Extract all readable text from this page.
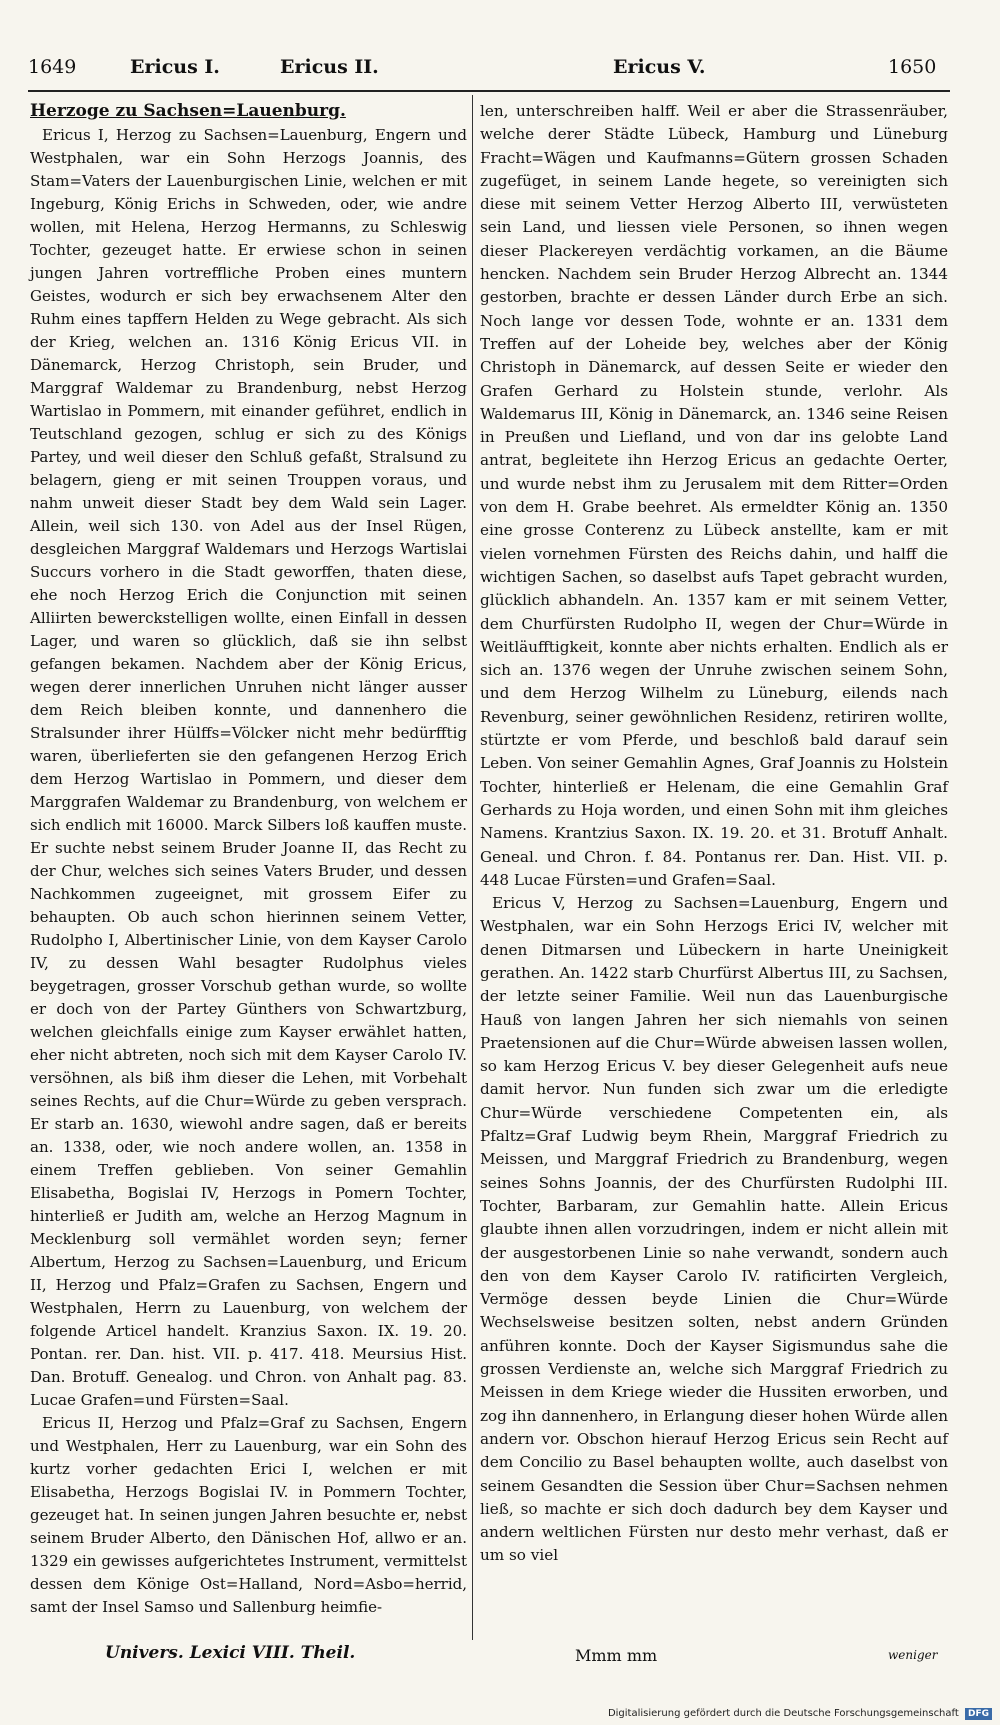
1649	Ericus I.	Ericus II.	Ericus V.	1650
Herzoge zu Sachsen=Lauenburg.

Ericus I, Herzog zu Sachsen=Lauenburg, Engern und Westphalen, war ein Sohn Herzogs Joannis, des Stam=Vaters der Lauenburgischen Linie, welchen er mit Ingeburg, König Erichs in Schweden, oder, wie andre wollen, mit Helena, Herzog Hermanns, zu Schleswig Tochter, gezeuget hatte. Er erwiese schon in seinen jungen Jahren vortreffliche Proben eines muntern Geistes, wodurch er sich bey erwachsenem Alter den Ruhm eines tapffern Helden zu Wege gebracht. Als sich der Krieg, welchen an. 1316 König Ericus VII. in Dänemarck, Herzog Christoph, sein Bruder, und Marggraf Waldemar zu Brandenburg, nebst Herzog Wartislao in Pommern, mit einander geführet, endlich in Teutschland gezogen, schlug er sich zu des Königs Partey, und weil dieser den Schluß gefaßt, Stralsund zu belagern, gieng er mit seinen Trouppen voraus, und nahm unweit dieser Stadt bey dem Wald sein Lager. Allein, weil sich 130. von Adel aus der Insel Rügen, desgleichen Marggraf Waldemars und Herzogs Wartislai Succurs vorhero in die Stadt geworffen, thaten diese, ehe noch Herzog Erich die Conjunction mit seinen Alliirten bewerckstelligen wollte, einen Einfall in dessen Lager, und waren so glücklich, daß sie ihn selbst gefangen bekamen. Nachdem aber der König Ericus, wegen derer innerlichen Unruhen nicht länger ausser dem Reich bleiben konnte, und dannenhero die Stralsunder ihrer Hülffs=Völcker nicht mehr bedürfftig waren, überlieferten sie den gefangenen Herzog Erich dem Herzog Wartislao in Pommern, und dieser dem Marggrafen Waldemar zu Brandenburg, von welchem er sich endlich mit 16000. Marck Silbers loß kauffen muste. Er suchte nebst seinem Bruder Joanne II, das Recht zu der Chur, welches sich seines Vaters Bruder, und dessen Nachkommen zugeeignet, mit grossem Eifer zu behaupten. Ob auch schon hierinnen seinem Vetter, Rudolpho I, Albertinischer Linie, von dem Kayser Carolo IV, zu dessen Wahl besagter Rudolphus vieles beygetragen, grosser Vorschub gethan wurde, so wollte er doch von der Partey Günthers von Schwartzburg, welchen gleichfalls einige zum Kayser erwählet hatten, eher nicht abtreten, noch sich mit dem Kayser Carolo IV. versöhnen, als biß ihm dieser die Lehen, mit Vorbehalt seines Rechts, auf die Chur=Würde zu geben versprach. Er starb an. 1630, wiewohl andre sagen, daß er bereits an. 1338, oder, wie noch andere wollen, an. 1358 in einem Treffen geblieben. Von seiner Gemahlin Elisabetha, Bogislai IV, Herzogs in Pomern Tochter, hinterließ er Judith am, welche an Herzog Magnum in Mecklenburg soll vermählet worden seyn; ferner Albertum, Herzog zu Sachsen=Lauenburg, und Ericum II, Herzog und Pfalz=Grafen zu Sachsen, Engern und Westphalen, Herrn zu Lauenburg, von welchem der folgende Articel handelt. Kranzius Saxon. IX. 19. 20. Pontan. rer. Dan. hist. VII. p. 417. 418. Meursius Hist. Dan. Brotuff. Genealog. und Chron. von Anhalt pag. 83. Lucae Grafen=und Fürsten=Saal.

Ericus II, Herzog und Pfalz=Graf zu Sachsen, Engern und Westphalen, Herr zu Lauenburg, war ein Sohn des kurtz vorher gedachten Erici I, welchen er mit Elisabetha, Herzogs Bogislai IV. in Pommern Tochter, gezeuget hat. In seinen jungen Jahren besuchte er, nebst seinem Bruder Alberto, den Dänischen Hof, allwo er an. 1329 ein gewisses aufgerichtetes Instrument, vermittelst dessen dem Könige Ost=Halland, Nord=Asbo=herrid, samt der Insel Samso und Sallenburg heimfie-

len, unterschreiben halff. Weil er aber die Strassenräuber, welche derer Städte Lübeck, Hamburg und Lüneburg Fracht=Wägen und Kaufmanns=Gütern grossen Schaden zugefüget, in seinem Lande hegete, so vereinigten sich diese mit seinem Vetter Herzog Alberto III, verwüsteten sein Land, und liessen viele Personen, so ihnen wegen dieser Plackereyen verdächtig vorkamen, an die Bäume hencken. Nachdem sein Bruder Herzog Albrecht an. 1344 gestorben, brachte er dessen Länder durch Erbe an sich. Noch lange vor dessen Tode, wohnte er an. 1331 dem Treffen auf der Loheide bey, welches aber der König Christoph in Dänemarck, auf dessen Seite er wieder den Grafen Gerhard zu Holstein stunde, verlohr. Als Waldemarus III, König in Dänemarck, an. 1346 seine Reisen in Preußen und Liefland, und von dar ins gelobte Land antrat, begleitete ihn Herzog Ericus an gedachte Oerter, und wurde nebst ihm zu Jerusalem mit dem Ritter=Orden von dem H. Grabe beehret. Als ermeldter König an. 1350 eine grosse Conterenz zu Lübeck anstellte, kam er mit vielen vornehmen Fürsten des Reichs dahin, und halff die wichtigen Sachen, so daselbst aufs Tapet gebracht wurden, glücklich abhandeln. An. 1357 kam er mit seinem Vetter, dem Churfürsten Rudolpho II, wegen der Chur=Würde in Weitläufftigkeit, konnte aber nichts erhalten. Endlich als er sich an. 1376 wegen der Unruhe zwischen seinem Sohn, und dem Herzog Wilhelm zu Lüneburg, eilends nach Revenburg, seiner gewöhnlichen Residenz, retiriren wollte, stürtzte er vom Pferde, und beschloß bald darauf sein Leben. Von seiner Gemahlin Agnes, Graf Joannis zu Holstein Tochter, hinterließ er Helenam, die eine Gemahlin Graf Gerhards zu Hoja worden, und einen Sohn mit ihm gleiches Namens. Krantzius Saxon. IX. 19. 20. et 31. Brotuff Anhalt. Geneal. und Chron. f. 84. Pontanus rer. Dan. Hist. VII. p. 448 Lucae Fürsten=und Grafen=Saal.

Ericus V, Herzog zu Sachsen=Lauenburg, Engern und Westphalen, war ein Sohn Herzogs Erici IV, welcher mit denen Ditmarsen und Lübeckern in harte Uneinigkeit gerathen. An. 1422 starb Churfürst Albertus III, zu Sachsen, der letzte seiner Familie. Weil nun das Lauenburgische Hauß von langen Jahren her sich niemahls von seinen Praetensionen auf die Chur=Würde abweisen lassen wollen, so kam Herzog Ericus V. bey dieser Gelegenheit aufs neue damit hervor. Nun funden sich zwar um die erledigte Chur=Würde verschiedene Competenten ein, als Pfaltz=Graf Ludwig beym Rhein, Marggraf Friedrich zu Meissen, und Marggraf Friedrich zu Brandenburg, wegen seines Sohns Joannis, der des Churfürsten Rudolphi III. Tochter, Barbaram, zur Gemahlin hatte. Allein Ericus glaubte ihnen allen vorzudringen, indem er nicht allein mit der ausgestorbenen Linie so nahe verwandt, sondern auch den von dem Kayser Carolo IV. ratificirten Vergleich, Vermöge dessen beyde Linien die Chur=Würde Wechselsweise besitzen solten, nebst andern Gründen anführen konnte. Doch der Kayser Sigismundus sahe die grossen Verdienste an, welche sich Marggraf Friedrich zu Meissen in dem Kriege wieder die Hussiten erworben, und zog ihn dannenhero, in Erlangung dieser hohen Würde allen andern vor. Obschon hierauf Herzog Ericus sein Recht auf dem Concilio zu Basel behaupten wollte, auch daselbst von seinem Gesandten die Session über Chur=Sachsen nehmen ließ, so machte er sich doch dadurch bey dem Kayser und andern weltlichen Fürsten nur desto mehr verhast, daß er um so viel

Univers. Lexici VIII. Theil.	Mmm mm	weniger
Digitalisierung gefördert durch die Deutsche Forschungsgemeinschaft DFG
